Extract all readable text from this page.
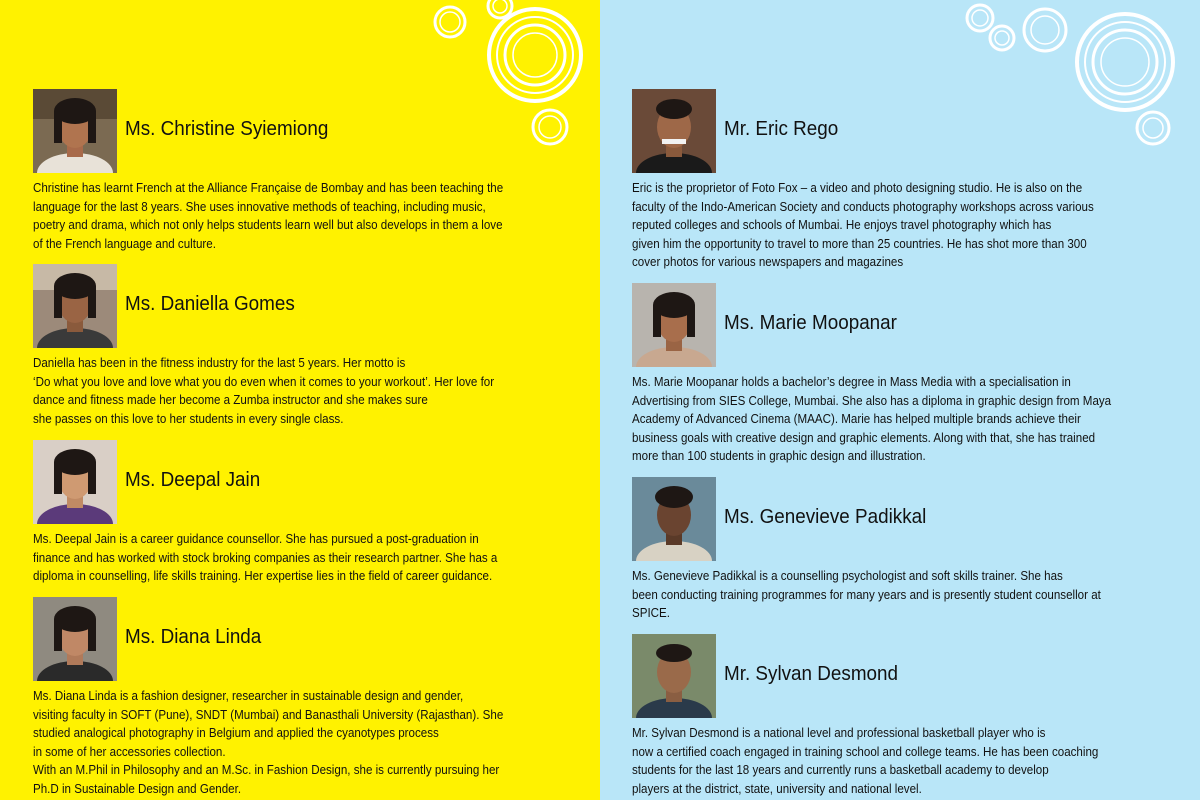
Ms. Christine Syiemiong
Christine has learnt French at the Alliance Française de Bombay and has been teaching the
language for the last 8 years. She uses innovative methods of teaching, including music,
poetry and drama, which not only helps students learn well but also develops in them a love
of the French language and culture.
Ms. Daniella Gomes
Daniella has been in the fitness industry for the last 5 years. Her motto is
‘Do what you love and love what you do even when it comes to your workout’. Her love for
dance and fitness made her become a Zumba instructor and she makes sure
she passes on this love to her students in every single class.
Ms. Deepal Jain
Ms. Deepal Jain is a career guidance counsellor. She has pursued a post-graduation in
finance and has worked with stock broking companies as their research partner. She has a
diploma in counselling, life skills training. Her expertise lies in the field of career guidance.
Ms. Diana Linda
Ms. Diana Linda is a fashion designer, researcher in sustainable design and gender,
visiting faculty in SOFT (Pune), SNDT (Mumbai) and Banasthali University (Rajasthan). She
studied analogical photography in Belgium and applied the cyanotypes process
in some of her accessories collection.
With an M.Phil in Philosophy and an M.Sc. in Fashion Design, she is currently pursuing her
Ph.D in Sustainable Design and Gender.
Mr. Eric Rego
Eric is the proprietor of Foto Fox – a video and photo designing studio. He is also on the
faculty of the Indo-American Society and conducts photography workshops across various
reputed colleges and schools of Mumbai. He enjoys travel photography which has
given him the opportunity to travel to more than 25 countries. He has shot more than 300
cover photos for various newspapers and magazines
Ms. Marie Moopanar
Ms. Marie Moopanar holds a bachelor’s degree in Mass Media with a specialisation in
Advertising from SIES College, Mumbai. She also has a diploma in graphic design from Maya
Academy of Advanced Cinema (MAAC). Marie has helped multiple brands achieve their
business goals with creative design and graphic elements. Along with that, she has trained
more than 100 students in graphic design and illustration.
Ms. Genevieve Padikkal
Ms. Genevieve Padikkal is a counselling psychologist and soft skills trainer. She has
been conducting training programmes for many years and is presently student counsellor at
SPICE.
Mr. Sylvan Desmond
Mr. Sylvan Desmond is a national level and professional basketball player who is
now a certified coach engaged in training school and college teams. He has been coaching
students for the last 18 years and currently runs a basketball academy to develop
players at the district, state, university and national level.
